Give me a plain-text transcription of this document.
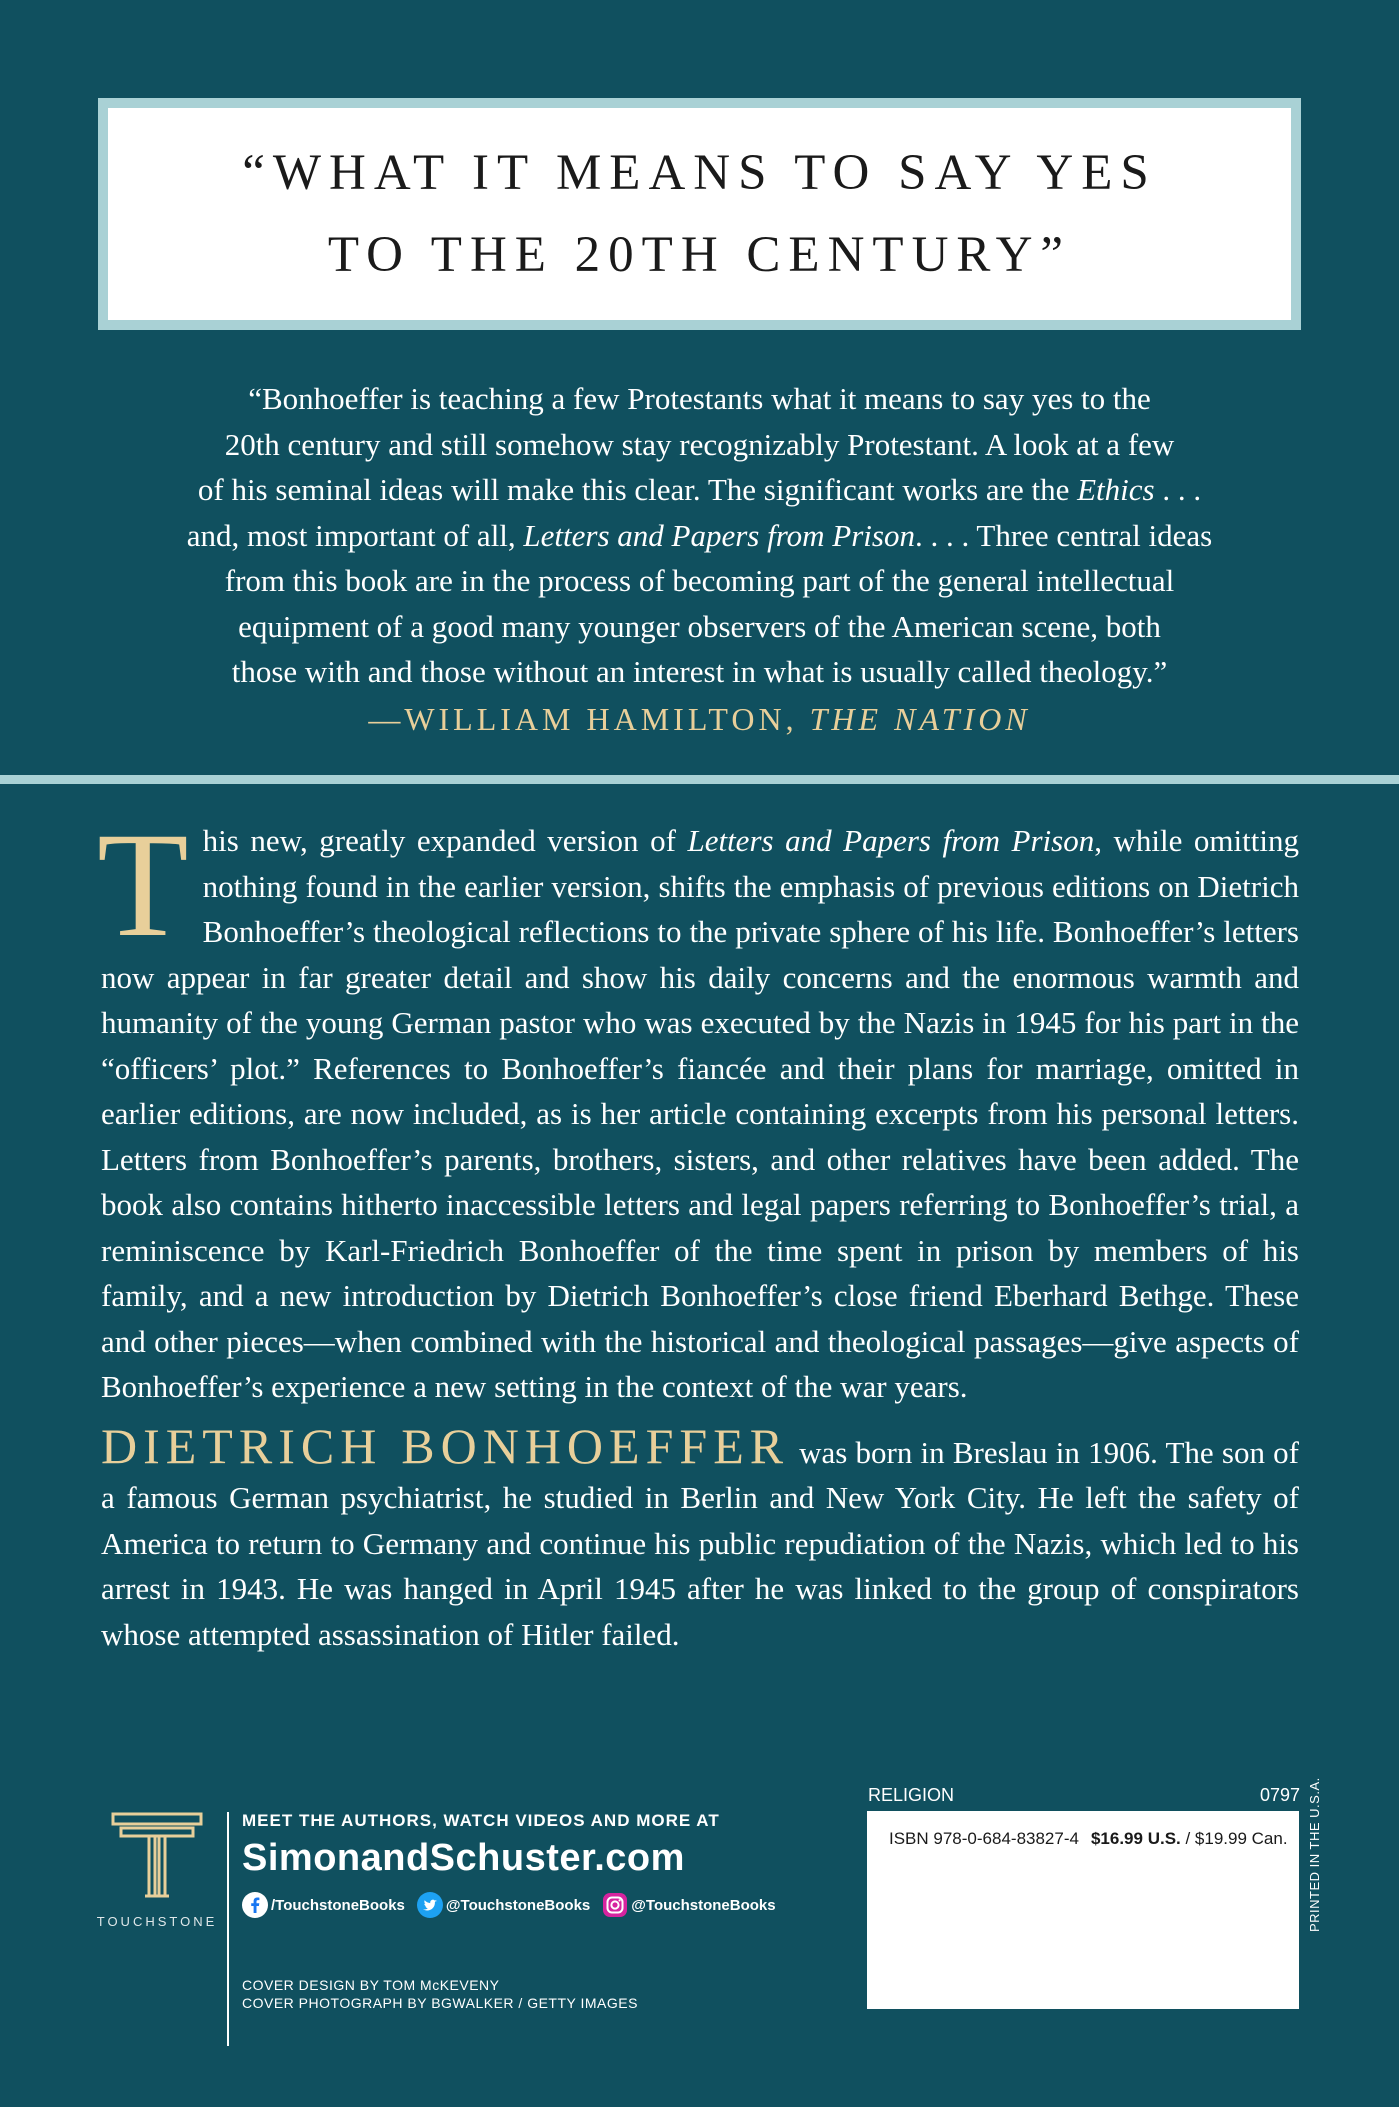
“WHAT IT MEANS TO SAY YES
TO THE 20TH CENTURY”
“Bonhoeffer is teaching a few Protestants what it means to say yes to the
20th century and still somehow stay recognizably Protestant. A look at a few
of his seminal ideas will make this clear. The significant works are the Ethics . . .
and, most important of all, Letters and Papers from Prison. . . . Three central ideas
from this book are in the process of becoming part of the general intellectual
equipment of a good many younger observers of the American scene, both
those with and those without an interest in what is usually called theology.”
—WILLIAM HAMILTON, THE NATION

This new, greatly expanded version of Letters and Papers from Prison, while omitting nothing found in the earlier version, shifts the emphasis of previous editions on Dietrich Bonhoeffer’s theological reflections to the private sphere of his life. Bonhoeffer’s letters now appear in far greater detail and show his daily concerns and the enormous warmth and humanity of the young German pastor who was executed by the Nazis in 1945 for his part in the “officers’ plot.” References to Bonhoeffer’s fiancée and their plans for marriage, omitted in earlier editions, are now included, as is her article containing excerpts from his personal letters. Letters from Bonhoeffer’s parents, brothers, sisters, and other relatives have been added. The book also contains hitherto inaccessible letters and legal papers referring to Bonhoeffer’s trial, a reminiscence by Karl-Friedrich Bonhoeffer of the time spent in prison by members of his family, and a new introduction by Dietrich Bonhoeffer’s close friend Eberhard Bethge. These and other pieces—when combined with the historical and theological passages—give aspects of Bonhoeffer’s experience a new setting in the context of the war years.

DIETRICH BONHOEFFER was born in Breslau in 1906. The son of a famous German psychiatrist, he studied in Berlin and New York City. He left the safety of America to return to Germany and continue his public repudiation of the Nazis, which led to his arrest in 1943. He was hanged in April 1945 after he was linked to the group of conspirators whose attempted assassination of Hitler failed.

TOUCHSTONE
MEET THE AUTHORS, WATCH VIDEOS AND MORE AT
SimonandSchuster.com
/TouchstoneBooks	@TouchstoneBooks	@TouchstoneBooks
COVER DESIGN BY TOM McKEVENY
COVER PHOTOGRAPH BY BGWALKER / GETTY IMAGES
RELIGION	0797
ISBN 978-0-684-83827-4 $16.99 U.S. / $19.99 Can. PRINTED IN THE U.S.A.
